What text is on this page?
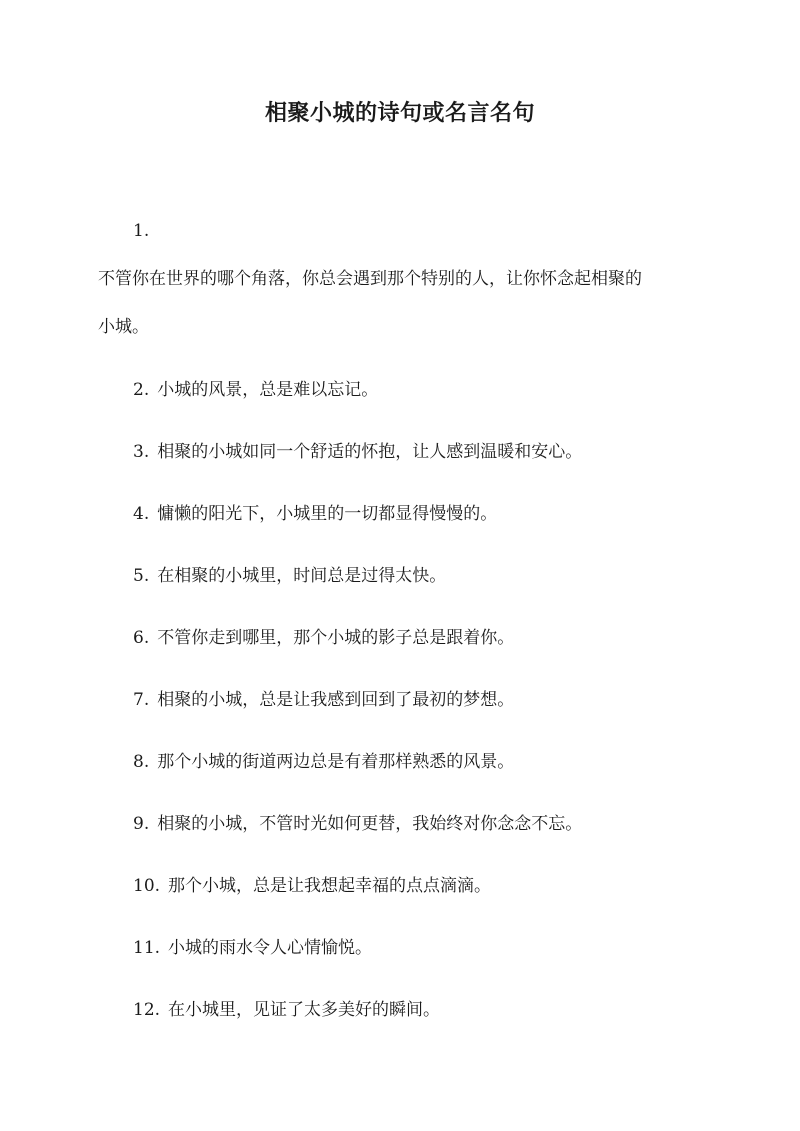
相聚小城的诗句或名言名句
1.
不管你在世界的哪个角落，你总会遇到那个特别的人，让你怀念起相聚的
小城。
2. 小城的风景，总是难以忘记。
3. 相聚的小城如同一个舒适的怀抱，让人感到温暖和安心。
4. 慵懒的阳光下，小城里的一切都显得慢慢的。
5. 在相聚的小城里，时间总是过得太快。
6. 不管你走到哪里，那个小城的影子总是跟着你。
7. 相聚的小城，总是让我感到回到了最初的梦想。
8. 那个小城的街道两边总是有着那样熟悉的风景。
9. 相聚的小城，不管时光如何更替，我始终对你念念不忘。
10. 那个小城，总是让我想起幸福的点点滴滴。
11. 小城的雨水令人心情愉悦。
12. 在小城里，见证了太多美好的瞬间。
